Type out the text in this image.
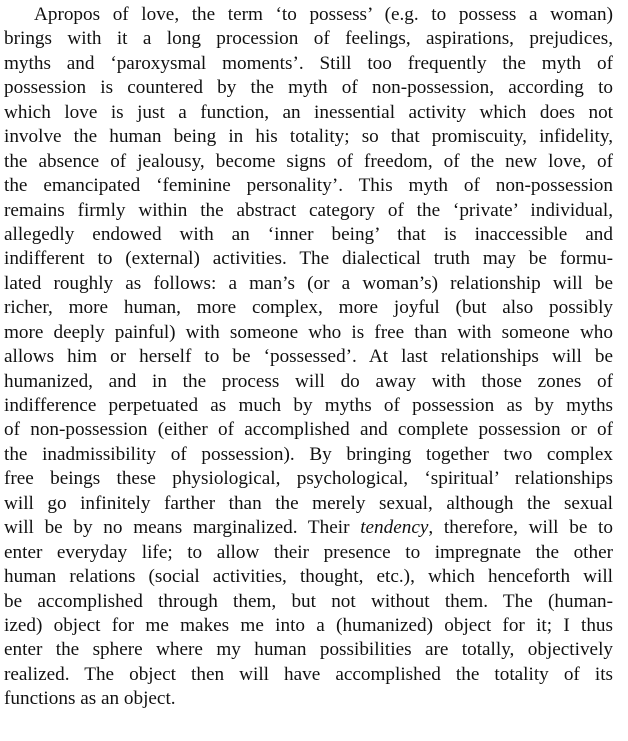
Apropos of love, the term ‘to possess’ (e.g. to possess a woman)
brings with it a long procession of feelings, aspirations, prejudices,
myths and ‘paroxysmal moments’. Still too frequently the myth of
possession is countered by the myth of non-possession, according to
which love is just a function, an inessential activity which does not
involve the human being in his totality; so that promiscuity, infidelity,
the absence of jealousy, become signs of freedom, of the new love, of
the emancipated ‘feminine personality’. This myth of non-possession
remains firmly within the abstract category of the ‘private’ individual,
allegedly endowed with an ‘inner being’ that is inaccessible and
indifferent to (external) activities. The dialectical truth may be formu-
lated roughly as follows: a man’s (or a woman’s) relationship will be
richer, more human, more complex, more joyful (but also possibly
more deeply painful) with someone who is free than with someone who
allows him or herself to be ‘possessed’. At last relationships will be
humanized, and in the process will do away with those zones of
indifference perpetuated as much by myths of possession as by myths
of non-possession (either of accomplished and complete possession or of
the inadmissibility of possession). By bringing together two complex
free beings these physiological, psychological, ‘spiritual’ relationships
will go infinitely farther than the merely sexual, although the sexual
will be by no means marginalized. Their tendency, therefore, will be to
enter everyday life; to allow their presence to impregnate the other
human relations (social activities, thought, etc.), which henceforth will
be accomplished through them, but not without them. The (human-
ized) object for me makes me into a (humanized) object for it; I thus
enter the sphere where my human possibilities are totally, objectively
realized. The object then will have accomplished the totality of its
functions as an object.
